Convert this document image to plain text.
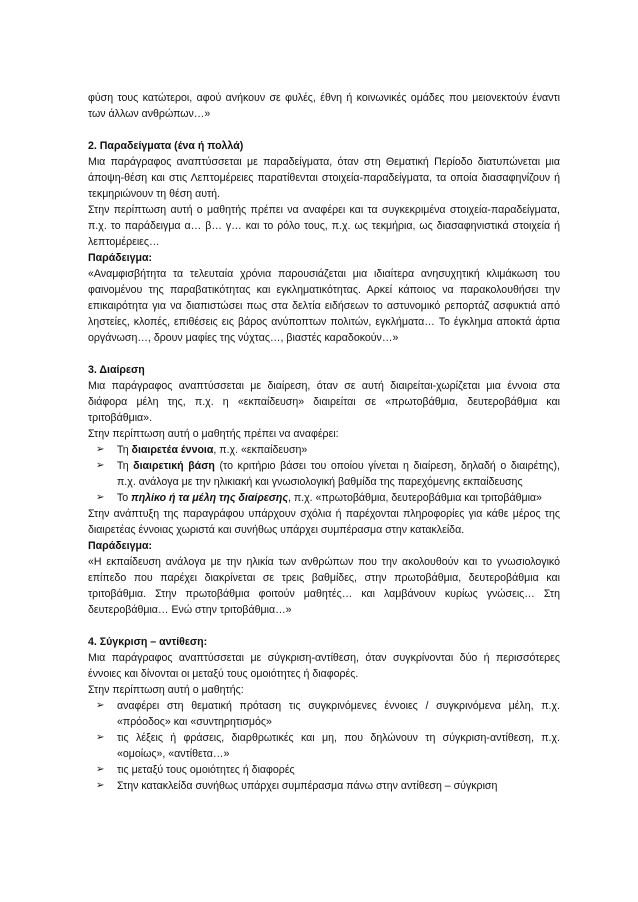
φύση τους κατώτεροι, αφού ανήκουν σε φυλές, έθνη ή κοινωνικές ομάδες που μειονεκτούν έναντι των άλλων ανθρώπων…»

2. Παραδείγματα (ένα ή πολλά)

Μια παράγραφος αναπτύσσεται με παραδείγματα, όταν στη Θεματική Περίοδο διατυπώνεται μια άποψη-θέση και στις Λεπτομέρειες παρατίθενται στοιχεία-παραδείγματα, τα οποία διασαφηνίζουν ή τεκμηριώνουν τη θέση αυτή.

Στην περίπτωση αυτή ο μαθητής πρέπει να αναφέρει και τα συγκεκριμένα στοιχεία-παραδείγματα, π.χ. το παράδειγμα α… β… γ… και το ρόλο τους, π.χ. ως τεκμήρια, ως διασαφηνιστικά στοιχεία ή λεπτομέρειες…

Παράδειγμα:

«Αναμφισβήτητα τα τελευταία χρόνια παρουσιάζεται μια ιδιαίτερα ανησυχητική κλιμάκωση του φαινομένου της παραβατικότητας και εγκληματικότητας. Αρκεί κάποιος να παρακολουθήσει την επικαιρότητα για να διαπιστώσει πως στα δελτία ειδήσεων το αστυνομικό ρεπορτάζ ασφυκτιά από ληστείες, κλοπές, επιθέσεις εις βάρος ανύποπτων πολιτών, εγκλήματα… Το έγκλημα αποκτά άρτια οργάνωση…, δρουν μαφίες της νύχτας…, βιαστές καραδοκούν…»

3. Διαίρεση

Μια παράγραφος αναπτύσσεται με διαίρεση, όταν σε αυτή διαιρείται-χωρίζεται μια έννοια στα διάφορα μέλη της, π.χ. η «εκπαίδευση» διαιρείται σε «πρωτοβάθμια, δευτεροβάθμια και τριτοβάθμια».

Στην περίπτωση αυτή ο μαθητής πρέπει να αναφέρει:

➢ Τη διαιρετέα έννοια, π.χ. «εκπαίδευση»
➢ Τη διαιρετική βάση (το κριτήριο βάσει του οποίου γίνεται η διαίρεση, δηλαδή ο διαιρέτης), π.χ. ανάλογα με την ηλικιακή και γνωσιολογική βαθμίδα της παρεχόμενης εκπαίδευσης
➢ Το πηλίκο ή τα μέλη της διαίρεσης, π.χ. «πρωτοβάθμια, δευτεροβάθμια και τριτοβάθμια»

Στην ανάπτυξη της παραγράφου υπάρχουν σχόλια ή παρέχονται πληροφορίες για κάθε μέρος της διαιρετέας έννοιας χωριστά και συνήθως υπάρχει συμπέρασμα στην κατακλείδα.

Παράδειγμα:

«Η εκπαίδευση ανάλογα με την ηλικία των ανθρώπων που την ακολουθούν και το γνωσιολογικό επίπεδο που παρέχει διακρίνεται σε τρεις βαθμίδες, στην πρωτοβάθμια, δευτεροβάθμια και τριτοβάθμια. Στην πρωτοβάθμια φοιτούν μαθητές… και λαμβάνουν κυρίως γνώσεις… Στη δευτεροβάθμια… Ενώ στην τριτοβάθμια…»

4. Σύγκριση – αντίθεση:

Μια παράγραφος αναπτύσσεται με σύγκριση-αντίθεση, όταν συγκρίνονται δύο ή περισσότερες έννοιες και δίνονται οι μεταξύ τους ομοιότητες ή διαφορές.

Στην περίπτωση αυτή ο μαθητής:

➢ αναφέρει στη θεματική πρόταση τις συγκρινόμενες έννοιες / συγκρινόμενα μέλη, π.χ. «πρόοδος» και «συντηρητισμός»
➢ τις λέξεις ή φράσεις, διαρθρωτικές και μη, που δηλώνουν τη σύγκριση-αντίθεση, π.χ. «ομοίως», «αντίθετα…»
➢ τις μεταξύ τους ομοιότητες ή διαφορές
➢ Στην κατακλείδα συνήθως υπάρχει συμπέρασμα πάνω στην αντίθεση – σύγκριση
